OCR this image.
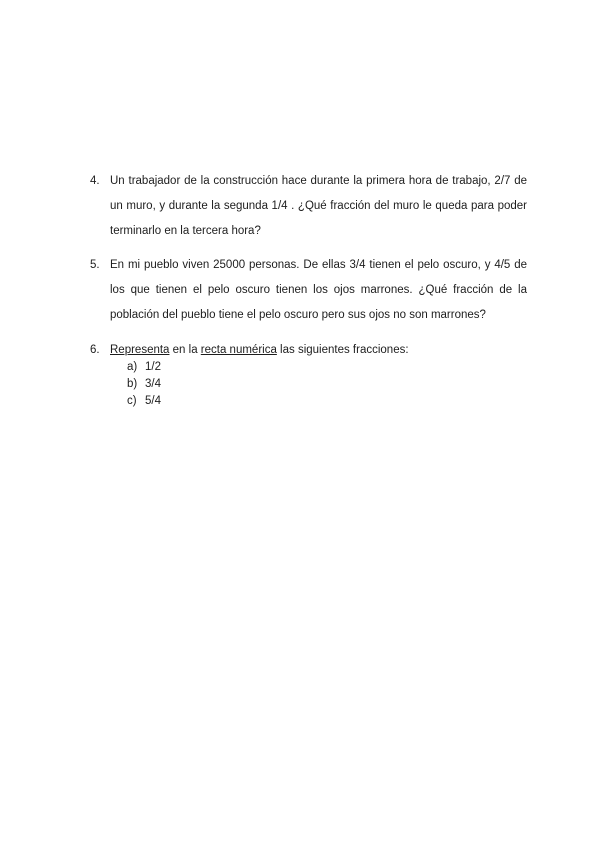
4. Un trabajador de la construcción hace durante la primera hora de trabajo, 2/7 de un muro, y durante la segunda 1/4 . ¿Qué fracción del muro le queda para poder terminarlo en la tercera hora?
5. En mi pueblo viven 25000 personas. De ellas 3/4 tienen el pelo oscuro, y 4/5 de los que tienen el pelo oscuro tienen los ojos marrones. ¿Qué fracción de la población del pueblo tiene el pelo oscuro pero sus ojos no son marrones?
6. Representa en la recta numérica las siguientes fracciones:
a) 1/2
b) 3/4
c) 5/4
